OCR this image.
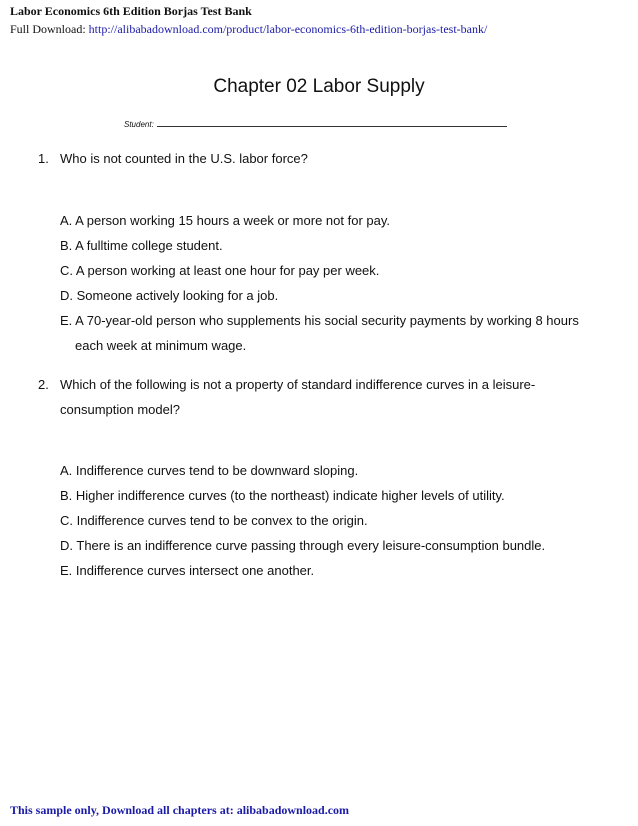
Labor Economics 6th Edition Borjas Test Bank
Full Download: http://alibabadownload.com/product/labor-economics-6th-edition-borjas-test-bank/
Chapter 02 Labor Supply
Student:
1. Who is not counted in the U.S. labor force?
A. A person working 15 hours a week or more not for pay.
B. A fulltime college student.
C. A person working at least one hour for pay per week.
D. Someone actively looking for a job.
E. A 70-year-old person who supplements his social security payments by working 8 hours each week at minimum wage.
2. Which of the following is not a property of standard indifference curves in a leisure-consumption model?
A. Indifference curves tend to be downward sloping.
B. Higher indifference curves (to the northeast) indicate higher levels of utility.
C. Indifference curves tend to be convex to the origin.
D. There is an indifference curve passing through every leisure-consumption bundle.
E. Indifference curves intersect one another.
This sample only, Download all chapters at: alibabadownload.com
